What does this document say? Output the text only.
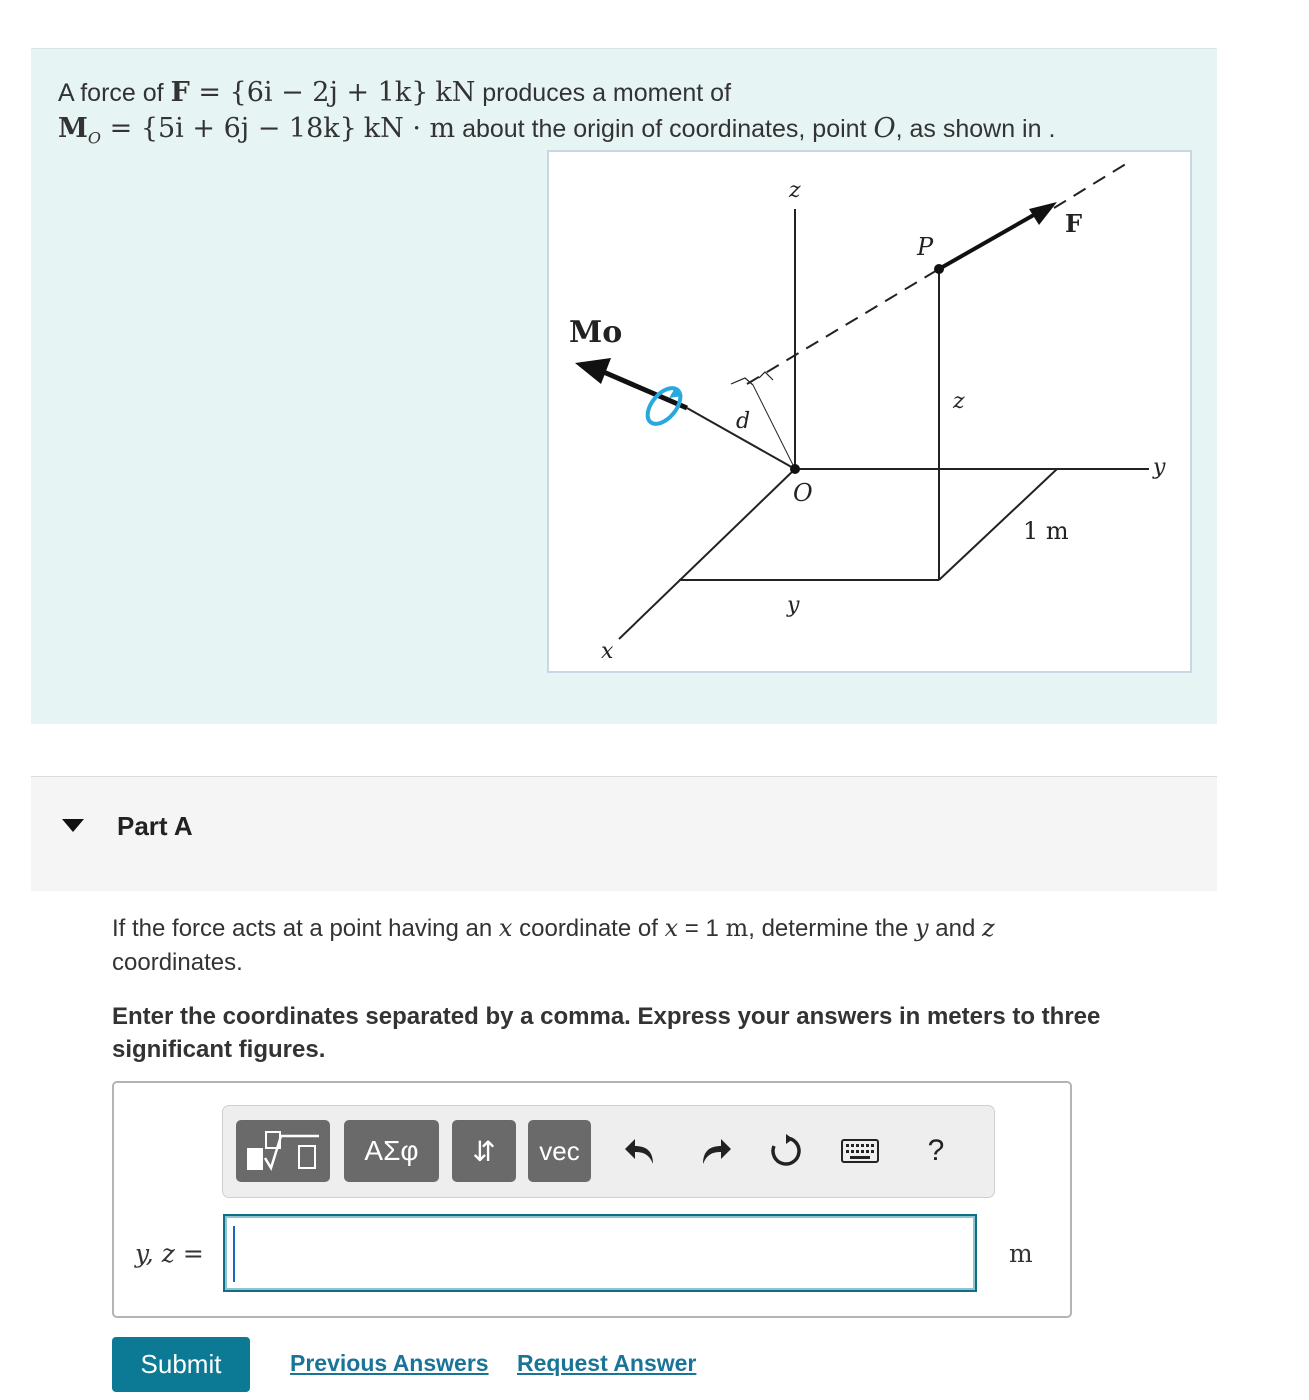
A force of F = {6i − 2j + 1k} kN produces a moment of
$M_O = \{5i + 6j - 18k\}$ kN · m about the origin of coordinates, point O, as shown in .
z
P
F
Mo
d
z
O
y
1 m
y
x
Part A
If the force acts at a point having an x coordinate of x = 1 m, determine the y and z
coordinates.
Enter the coordinates separated by a comma. Express your answers in meters to three significant figures.
ΑΣφ	⇵	vec	?
y, z =	m
Submit	Previous Answers Request Answer
